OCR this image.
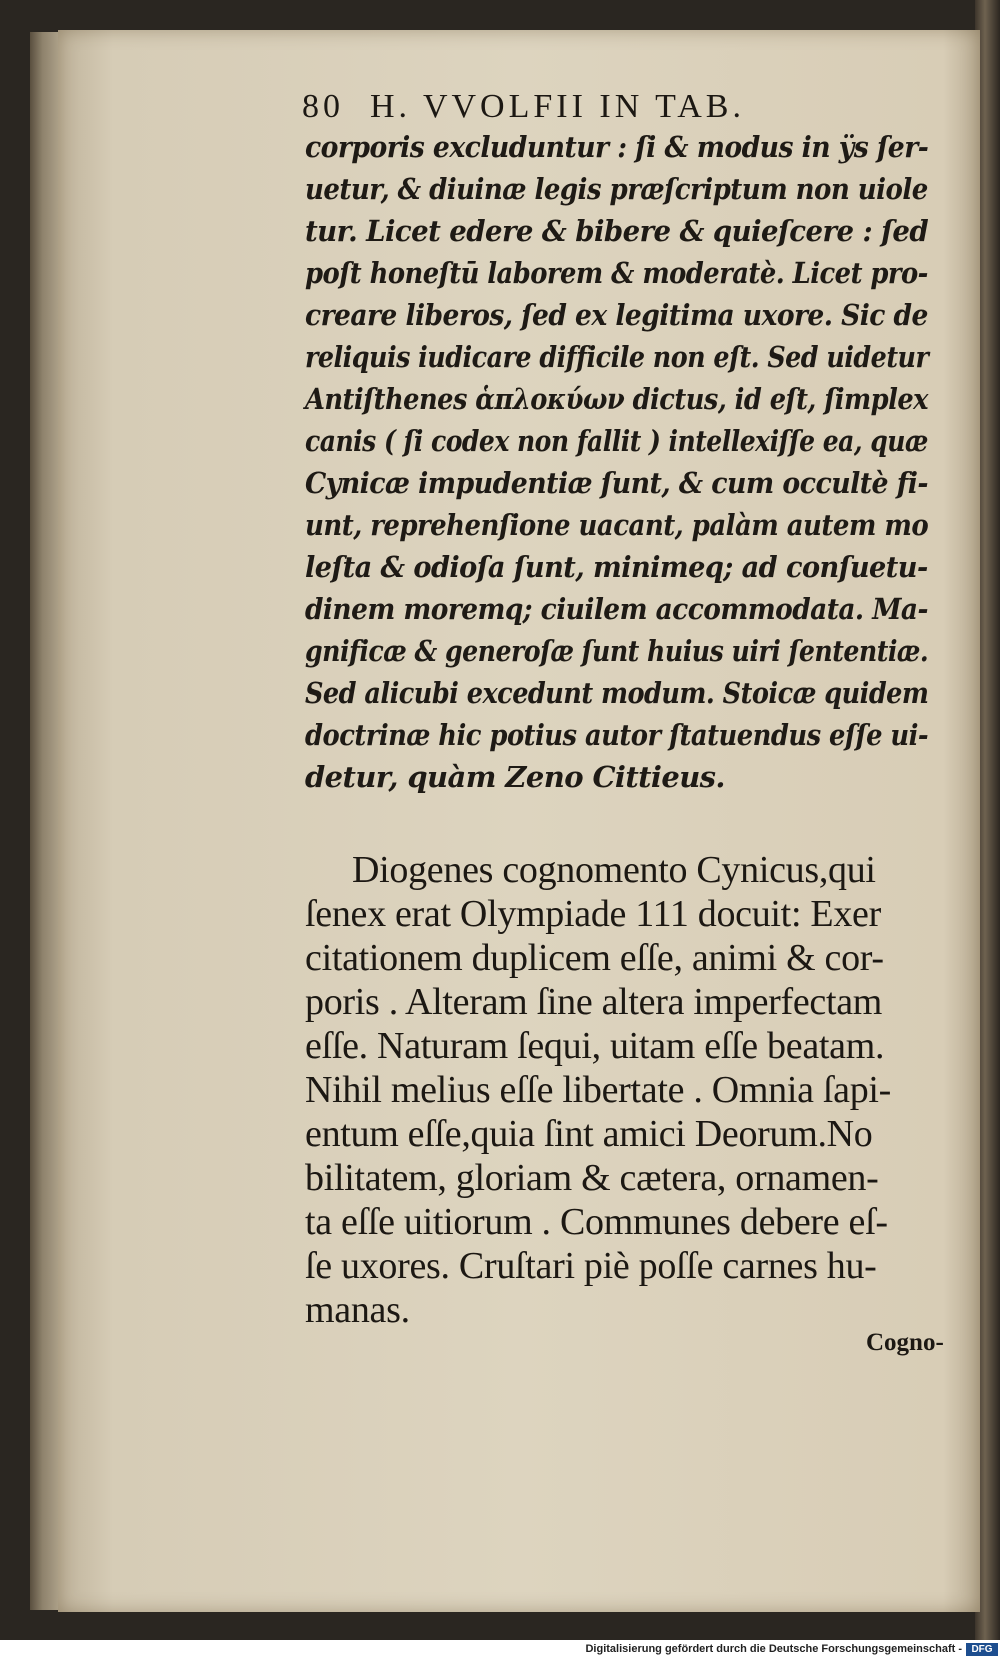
80 H. VVOLFII IN TAB.
corporis excluduntur : ſi & modus in ÿs ſer-
uetur, & diuinæ legis præſcriptum non uiole
tur. Licet edere & bibere & quieſcere : ſed
poſt honeſtū laborem & moderatè. Licet pro-
creare liberos, ſed ex legitima uxore. Sic de
reliquis iudicare difficile non eſt. Sed uidetur
Antiſthenes ἁπλοκύων dictus, id eſt, ſimplex
canis ( ſi codex non fallit ) intellexiſſe ea, quæ
Cynicæ impudentiæ ſunt, & cum occultè fi-
unt, reprehenſione uacant, palàm autem mo
leſta & odioſa ſunt, minimeq; ad conſuetu-
dinem moremq; ciuilem accommodata. Ma-
gnificæ & generoſæ ſunt huius uiri ſententiæ.
Sed alicubi excedunt modum. Stoicæ quidem
doctrinæ hic potius autor ſtatuendus eſſe ui-
detur, quàm Zeno Cittieus.
Diogenes cognomento Cynicus,qui
ſenex erat Olympiade 111 docuit: Exer
citationem duplicem eſſe, animi & cor-
poris . Alteram ſine altera imperfectam
eſſe. Naturam ſequi, uitam eſſe beatam.
Nihil melius eſſe libertate . Omnia ſapi-
entum eſſe,quia ſint amici Deorum.No
bilitatem, gloriam & cætera, ornamen-
ta eſſe uitiorum . Communes debere eſ-
ſe uxores. Cruſtari piè poſſe carnes hu-
manas.
Cogno-
Digitalisierung gefördert durch die Deutsche Forschungsgemeinschaft - DFG
